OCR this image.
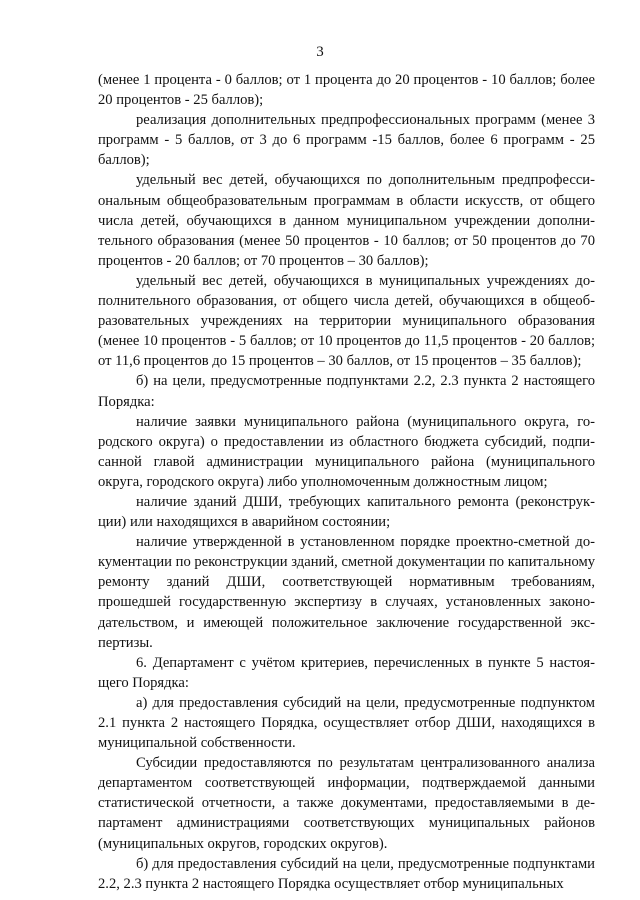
3

(менее 1 процента - 0 баллов; от 1 процента до 20 процентов - 10 баллов; более 20 процентов - 25 баллов);

реализация дополнительных предпрофессиональных программ (менее 3 программ - 5 баллов, от 3 до 6 программ -15 баллов, более 6 программ - 25 баллов);

удельный вес детей, обучающихся по дополнительным предпрофессиональным общеобразовательным программам в области искусств, от общего числа детей, обучающихся в данном муниципальном учреждении дополнительного образования (менее 50 процентов - 10 баллов; от 50 процентов до 70 процентов - 20 баллов; от 70 процентов – 30 баллов);

удельный вес детей, обучающихся в муниципальных учреждениях дополнительного образования, от общего числа детей, обучающихся в общеобразовательных учреждениях на территории муниципального образования (менее 10 процентов - 5 баллов; от 10 процентов до 11,5 процентов - 20 баллов; от 11,6 процентов до 15 процентов – 30 баллов, от 15 процентов – 35 баллов);

б) на цели, предусмотренные подпунктами 2.2, 2.3 пункта 2 настоящего Порядка:

наличие заявки муниципального района (муниципального округа, городского округа) о предоставлении из областного бюджета субсидий, подписанной главой администрации муниципального района (муниципального округа, городского округа) либо уполномоченным должностным лицом;

наличие зданий ДШИ, требующих капитального ремонта (реконструкции) или находящихся в аварийном состоянии;

наличие утвержденной в установленном порядке проектно-сметной документации по реконструкции зданий, сметной документации по капитальному ремонту зданий ДШИ, соответствующей нормативным требованиям, прошедшей государственную экспертизу в случаях, установленных законодательством, и имеющей положительное заключение государственной экспертизы.

6. Департамент с учётом критериев, перечисленных в пункте 5 настоящего Порядка:

а) для предоставления субсидий на цели, предусмотренные подпунктом 2.1 пункта 2 настоящего Порядка, осуществляет отбор ДШИ, находящихся в муниципальной собственности.

Субсидии предоставляются по результатам централизованного анализа департаментом соответствующей информации, подтверждаемой данными статистической отчетности, а также документами, предоставляемыми в департамент администрациями соответствующих муниципальных районов (муниципальных округов, городских округов).

б) для предоставления субсидий на цели, предусмотренные подпунктами 2.2, 2.3 пункта 2 настоящего Порядка осуществляет отбор муниципальных
